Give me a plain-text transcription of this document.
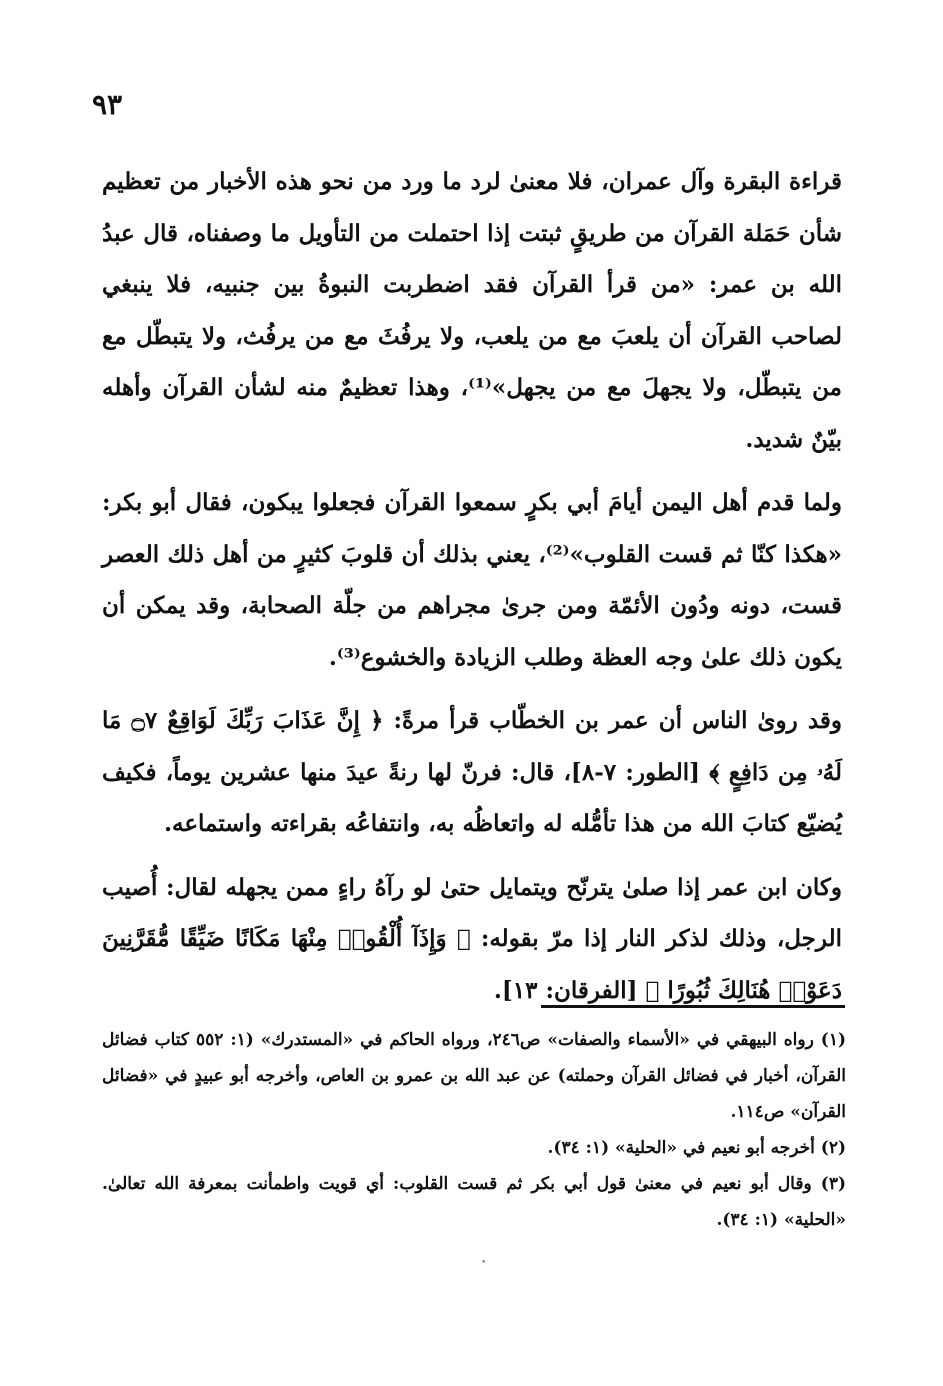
٩٣

قراءة البقرة وآل عمران، فلا معنىٰ لرد ما ورد من نحو هذه الأخبار من تعظيم شأن حَمَلة القرآن من طريقٍ ثبتت إذا احتملت من التأويل ما وصفناه، قال عبدُ الله بن عمر: «من قرأ القرآن فقد اضطربت النبوةُ بين جنبيه، فلا ينبغي لصاحب القرآن أن يلعبَ مع من يلعب، ولا يرفُثَ مع من يرفُث، ولا يتبطّل مع من يتبطّل، ولا يجهلَ مع من يجهل»⁽¹⁾، وهذا تعظيمٌ منه لشأن القرآن وأهله بيّنٌ شديد.

ولما قدم أهل اليمن أيامَ أبي بكرٍ سمعوا القرآن فجعلوا يبكون، فقال أبو بكر: «هكذا كنّا ثم قست القلوب»⁽²⁾، يعني بذلك أن قلوبَ كثيرٍ من أهل ذلك العصر قست، دونه ودُون الأئمّة ومن جرىٰ مجراهم من جلّة الصحابة، وقد يمكن أن يكون ذلك علىٰ وجه العظة وطلب الزيادة والخشوع⁽³⁾.

وقد روىٰ الناس أن عمر بن الخطّاب قرأ مرةً: ﴿ إِنَّ عَذَابَ رَبِّكَ لَوَاقِعٌ ۝٧ مَا لَهُۥ مِن دَافِعٍ ﴾ [الطور: ٧-٨]، قال: فرنّ لها رنةً عيدَ منها عشرين يوماً، فكيف يُضيّع كتابَ الله من هذا تأمُّله له واتعاظُه به، وانتفاعُه بقراءته واستماعه.

وكان ابن عمر إذا صلىٰ يترنّح ويتمايل حتىٰ لو رآهُ راءٍ ممن يجهله لقال: أُصيب الرجل، وذلك لذكر النار إذا مرّ بقوله: ﴿ وَإِذَآ أُلْقُوا۟ مِنْهَا مَكَانًا ضَيِّقًا مُّقَرَّنِينَ دَعَوْا۟ هُنَالِكَ ثُبُورًا ﴾ [الفرقان: ١٣].

(١) رواه البيهقي في «الأسماء والصفات» ص٢٤٦، ورواه الحاكم في «المستدرك» (١: ٥٥٢ كتاب فضائل القرآن، أخبار في فضائل القرآن وحملته) عن عبد الله بن عمرو بن العاص، وأخرجه أبو عبيدٍ في «فضائل القرآن» ص١١٤.

(٢) أخرجه أبو نعيم في «الحلية» (١: ٣٤).

(٣) وقال أبو نعيم في معنىٰ قول أبي بكر ثم قست القلوب: أي قويت واطمأنت بمعرفة الله تعالىٰ. «الحلية» (١: ٣٤).

•
